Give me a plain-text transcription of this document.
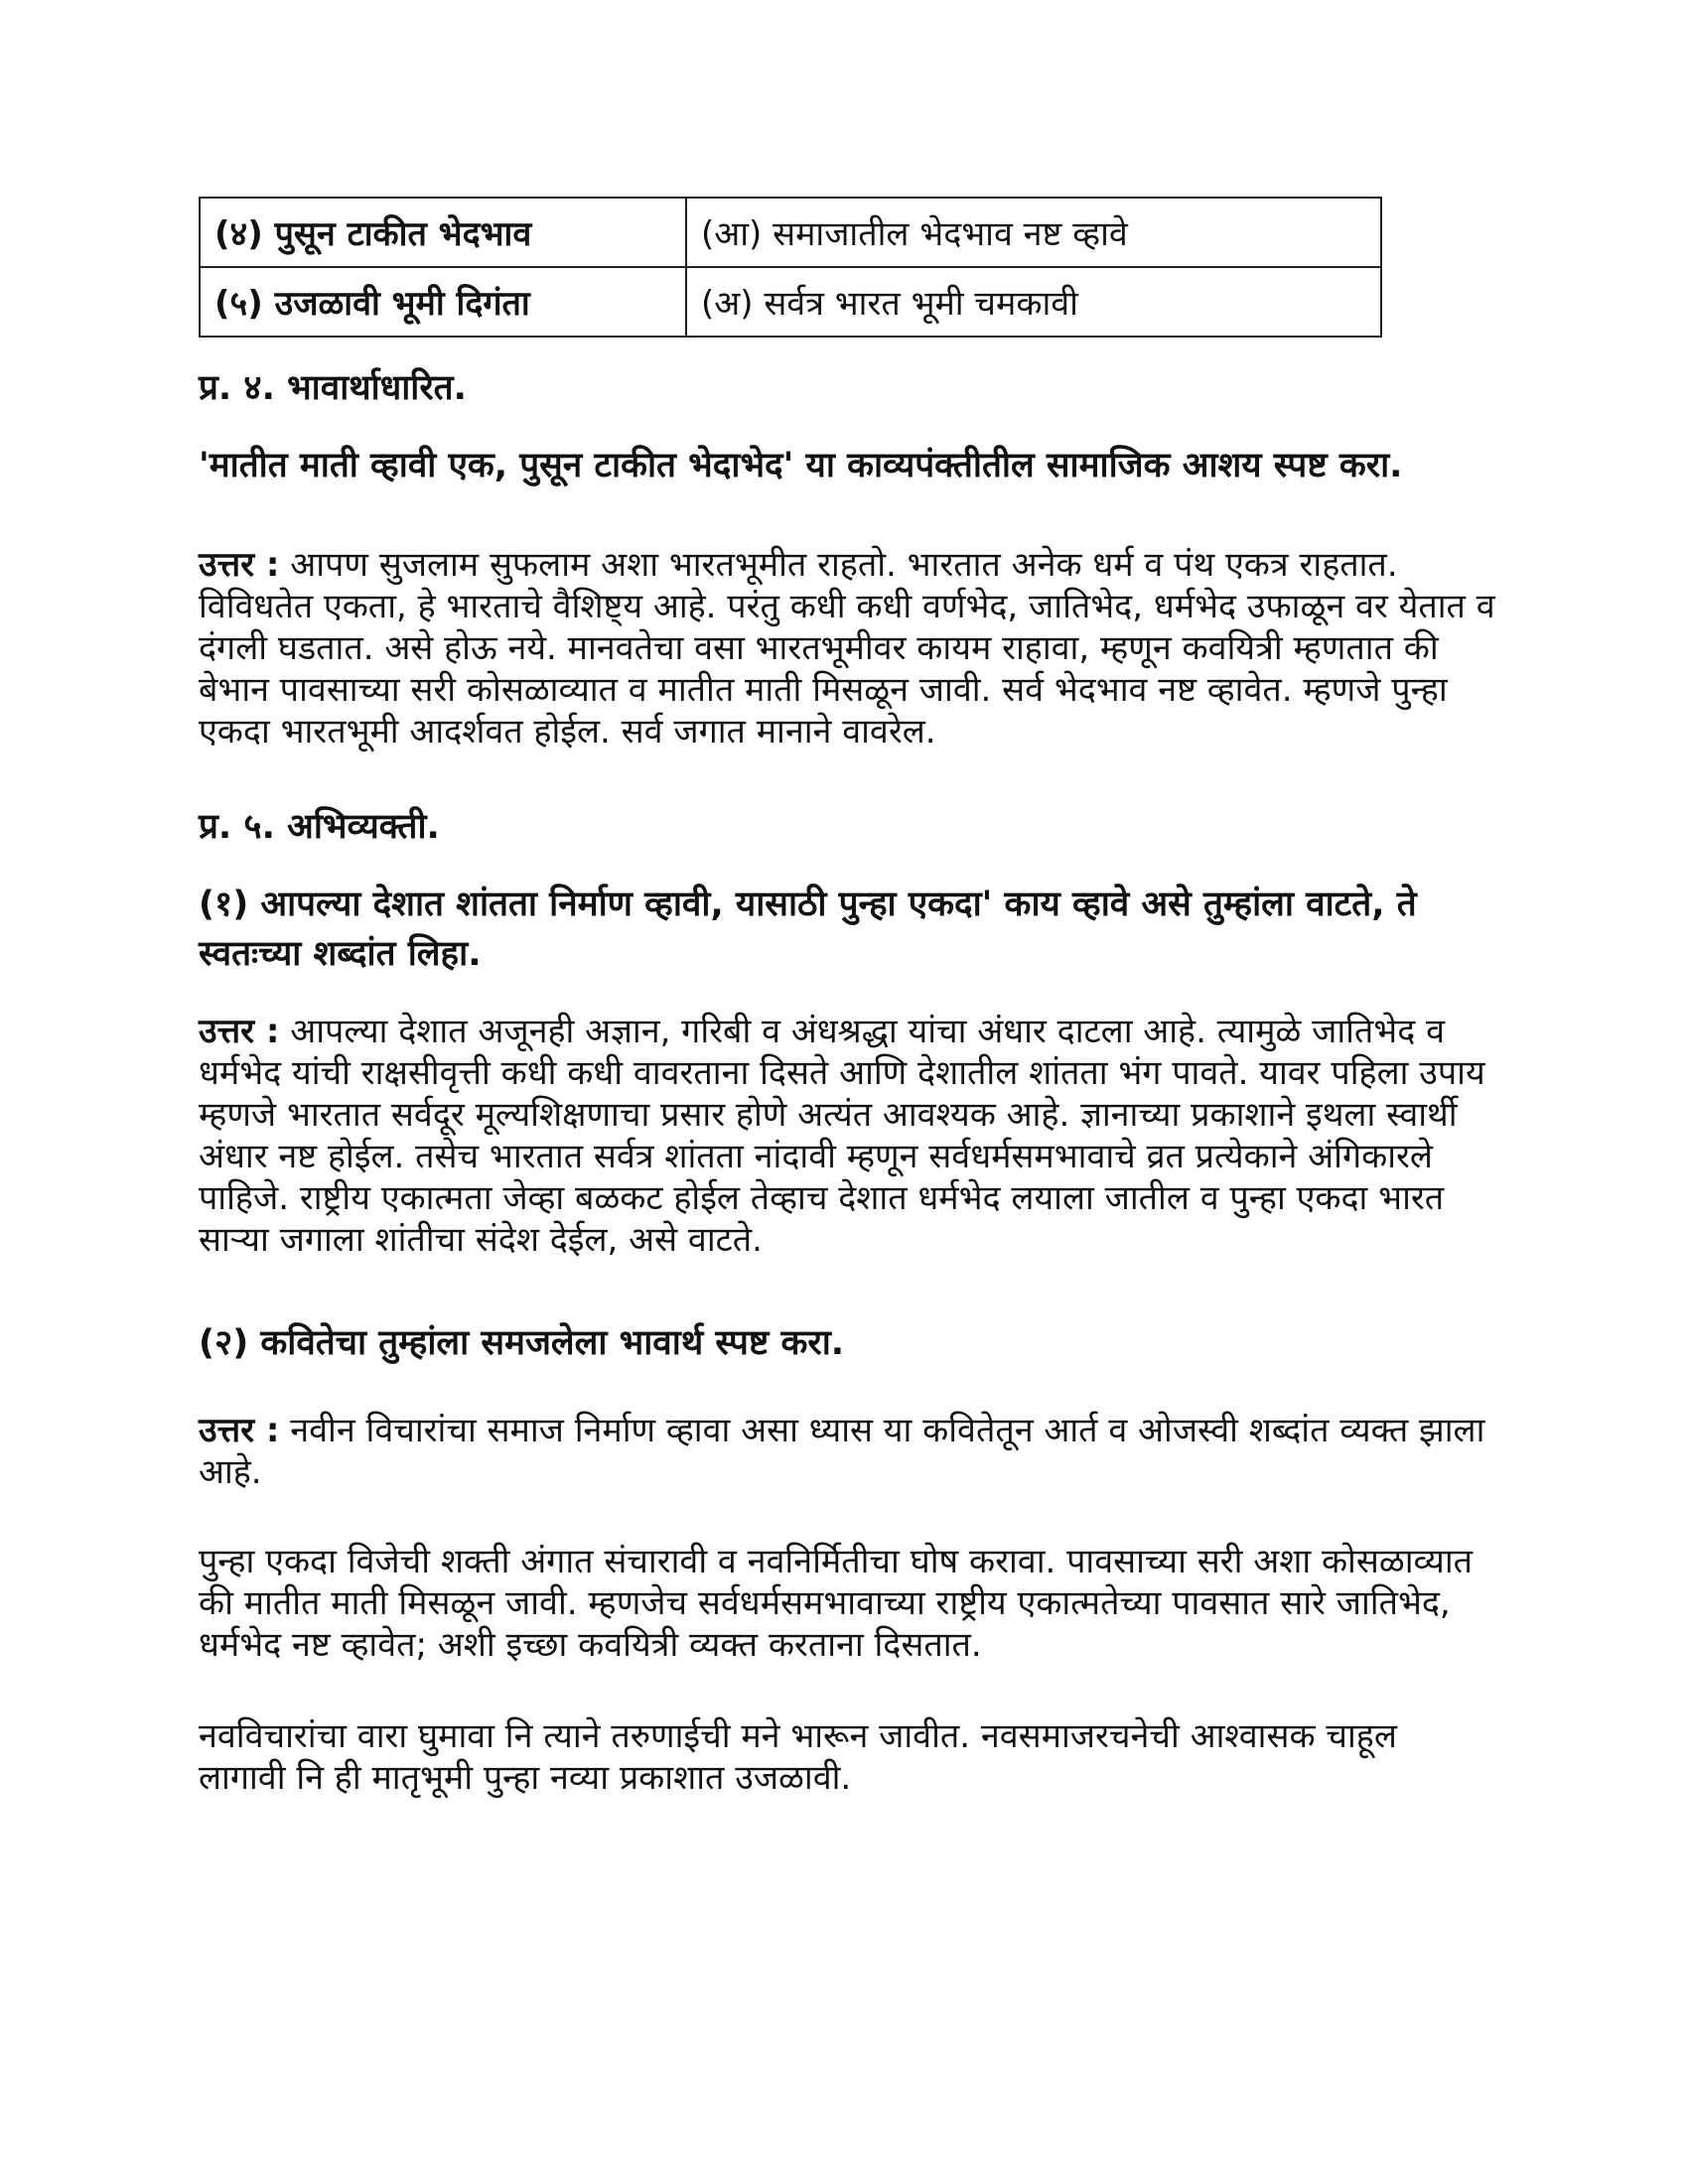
(४) पुसून टाकीत भेदभाव	(आ) समाजातील भेदभाव नष्ट व्हावे
(५) उजळावी भूमी दिगंता	(अ) सर्वत्र भारत भूमी चमकावी

प्र. ४. भावार्थाधारित.

'मातीत माती व्हावी एक, पुसून टाकीत भेदाभेद' या काव्यपंक्तीतील सामाजिक आशय स्पष्ट करा.

उत्तर : आपण सुजलाम सुफलाम अशा भारतभूमीत राहतो. भारतात अनेक धर्म व पंथ एकत्र राहतात. विविधतेत एकता, हे भारताचे वैशिष्ट्य आहे. परंतु कधी कधी वर्णभेद, जातिभेद, धर्मभेद उफाळून वर येतात व दंगली घडतात. असे होऊ नये. मानवतेचा वसा भारतभूमीवर कायम राहावा, म्हणून कवयित्री म्हणतात की बेभान पावसाच्या सरी कोसळाव्यात व मातीत माती मिसळून जावी. सर्व भेदभाव नष्ट व्हावेत. म्हणजे पुन्हा एकदा भारतभूमी आदर्शवत होईल. सर्व जगात मानाने वावरेल.

प्र. ५. अभिव्यक्ती.

(१) आपल्या देशात शांतता निर्माण व्हावी, यासाठी पुन्हा एकदा' काय व्हावे असे तुम्हांला वाटते, ते स्वतःच्या शब्दांत लिहा.

उत्तर : आपल्या देशात अजूनही अज्ञान, गरिबी व अंधश्रद्धा यांचा अंधार दाटला आहे. त्यामुळे जातिभेद व धर्मभेद यांची राक्षसीवृत्ती कधी कधी वावरताना दिसते आणि देशातील शांतता भंग पावते. यावर पहिला उपाय म्हणजे भारतात सर्वदूर मूल्यशिक्षणाचा प्रसार होणे अत्यंत आवश्यक आहे. ज्ञानाच्या प्रकाशाने इथला स्वार्थी अंधार नष्ट होईल. तसेच भारतात सर्वत्र शांतता नांदावी म्हणून सर्वधर्मसमभावाचे व्रत प्रत्येकाने अंगिकारले पाहिजे. राष्ट्रीय एकात्मता जेव्हा बळकट होईल तेव्हाच देशात धर्मभेद लयाला जातील व पुन्हा एकदा भारत साऱ्या जगाला शांतीचा संदेश देईल, असे वाटते.

(२) कवितेचा तुम्हांला समजलेला भावार्थ स्पष्ट करा.

उत्तर : नवीन विचारांचा समाज निर्माण व्हावा असा ध्यास या कवितेतून आर्त व ओजस्वी शब्दांत व्यक्त झाला आहे.

पुन्हा एकदा विजेची शक्ती अंगात संचारावी व नवनिर्मितीचा घोष करावा. पावसाच्या सरी अशा कोसळाव्यात की मातीत माती मिसळून जावी. म्हणजेच सर्वधर्मसमभावाच्या राष्ट्रीय एकात्मतेच्या पावसात सारे जातिभेद, धर्मभेद नष्ट व्हावेत; अशी इच्छा कवयित्री व्यक्त करताना दिसतात.

नवविचारांचा वारा घुमावा नि त्याने तरुणाईची मने भारून जावीत. नवसमाजरचनेची आश्वासक चाहूल लागावी नि ही मातृभूमी पुन्हा नव्या प्रकाशात उजळावी.
